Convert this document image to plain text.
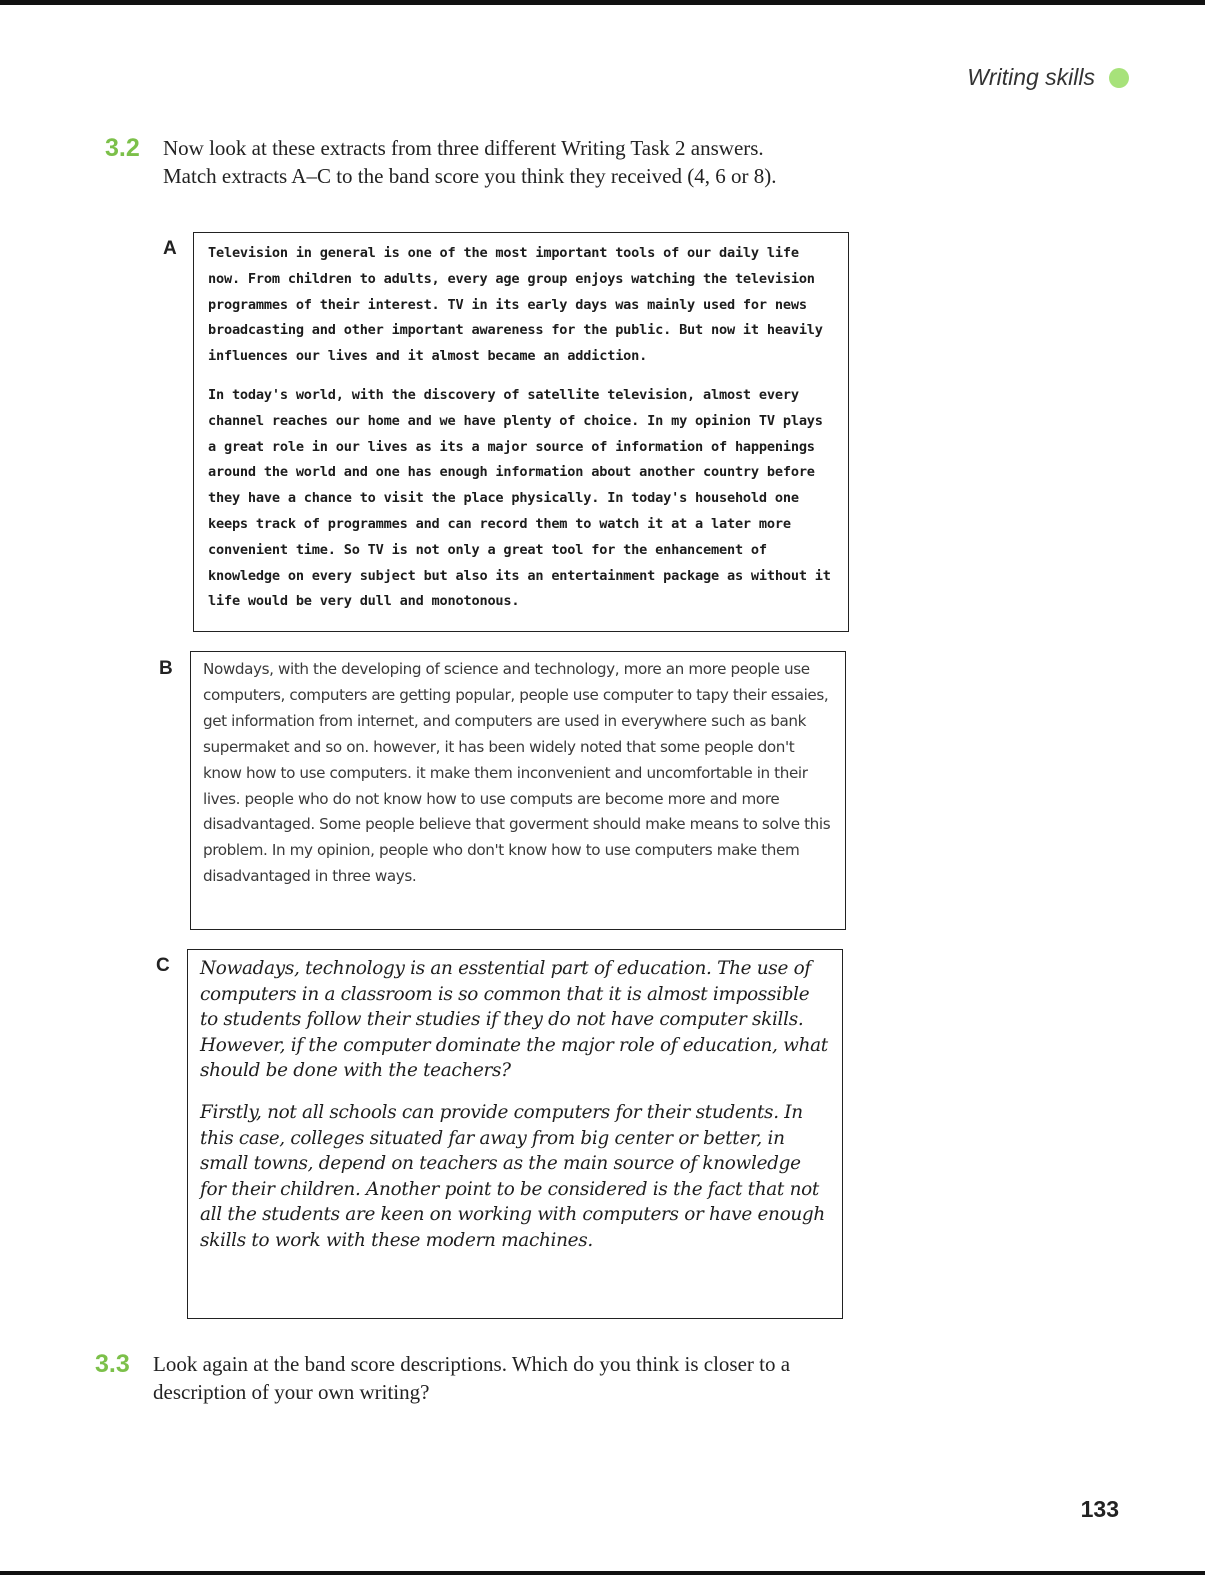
Writing skills
3.2	Now look at these extracts from three different Writing Task 2 answers. Match extracts A–C to the band score you think they received (4, 6 or 8).
A Television in general is one of the most important tools of our daily life now. From children to adults, every age group enjoys watching the television programmes of their interest. TV in its early days was mainly used for news broadcasting and other important awareness for the public. But now it heavily influences our lives and it almost became an addiction.

In today's world, with the discovery of satellite television, almost every channel reaches our home and we have plenty of choice. In my opinion TV plays a great role in our lives as its a major source of information of happenings around the world and one has enough information about another country before they have a chance to visit the place physically. In today's household one keeps track of programmes and can record them to watch it at a later more convenient time. So TV is not only a great tool for the enhancement of knowledge on every subject but also its an entertainment package as without it life would be very dull and monotonous.

B Nowdays, with the developing of science and technology, more an more people use computers, computers are getting popular, people use computer to tapy their essaies, get information from internet, and computers are used in everywhere such as bank supermaket and so on. however, it has been widely noted that some people don't know how to use computers. it make them inconvenient and uncomfortable in their lives. people who do not know how to use computs are become more and more disadvantaged. Some people believe that goverment should make means to solve this problem. In my opinion, people who don't know how to use computers make them disadvantaged in three ways.

C Nowadays, technology is an esstential part of education. The use of computers in a classroom is so common that it is almost impossible to students follow their studies if they do not have computer skills. However, if the computer dominate the major role of education, what should be done with the teachers?

Firstly, not all schools can provide computers for their students. In this case, colleges situated far away from big center or better, in small towns, depend on teachers as the main source of knowledge for their children. Another point to be considered is the fact that not all the students are keen on working with computers or have enough skills to work with these modern machines.

3.3	Look again at the band score descriptions. Which do you think is closer to a description of your own writing?
133
